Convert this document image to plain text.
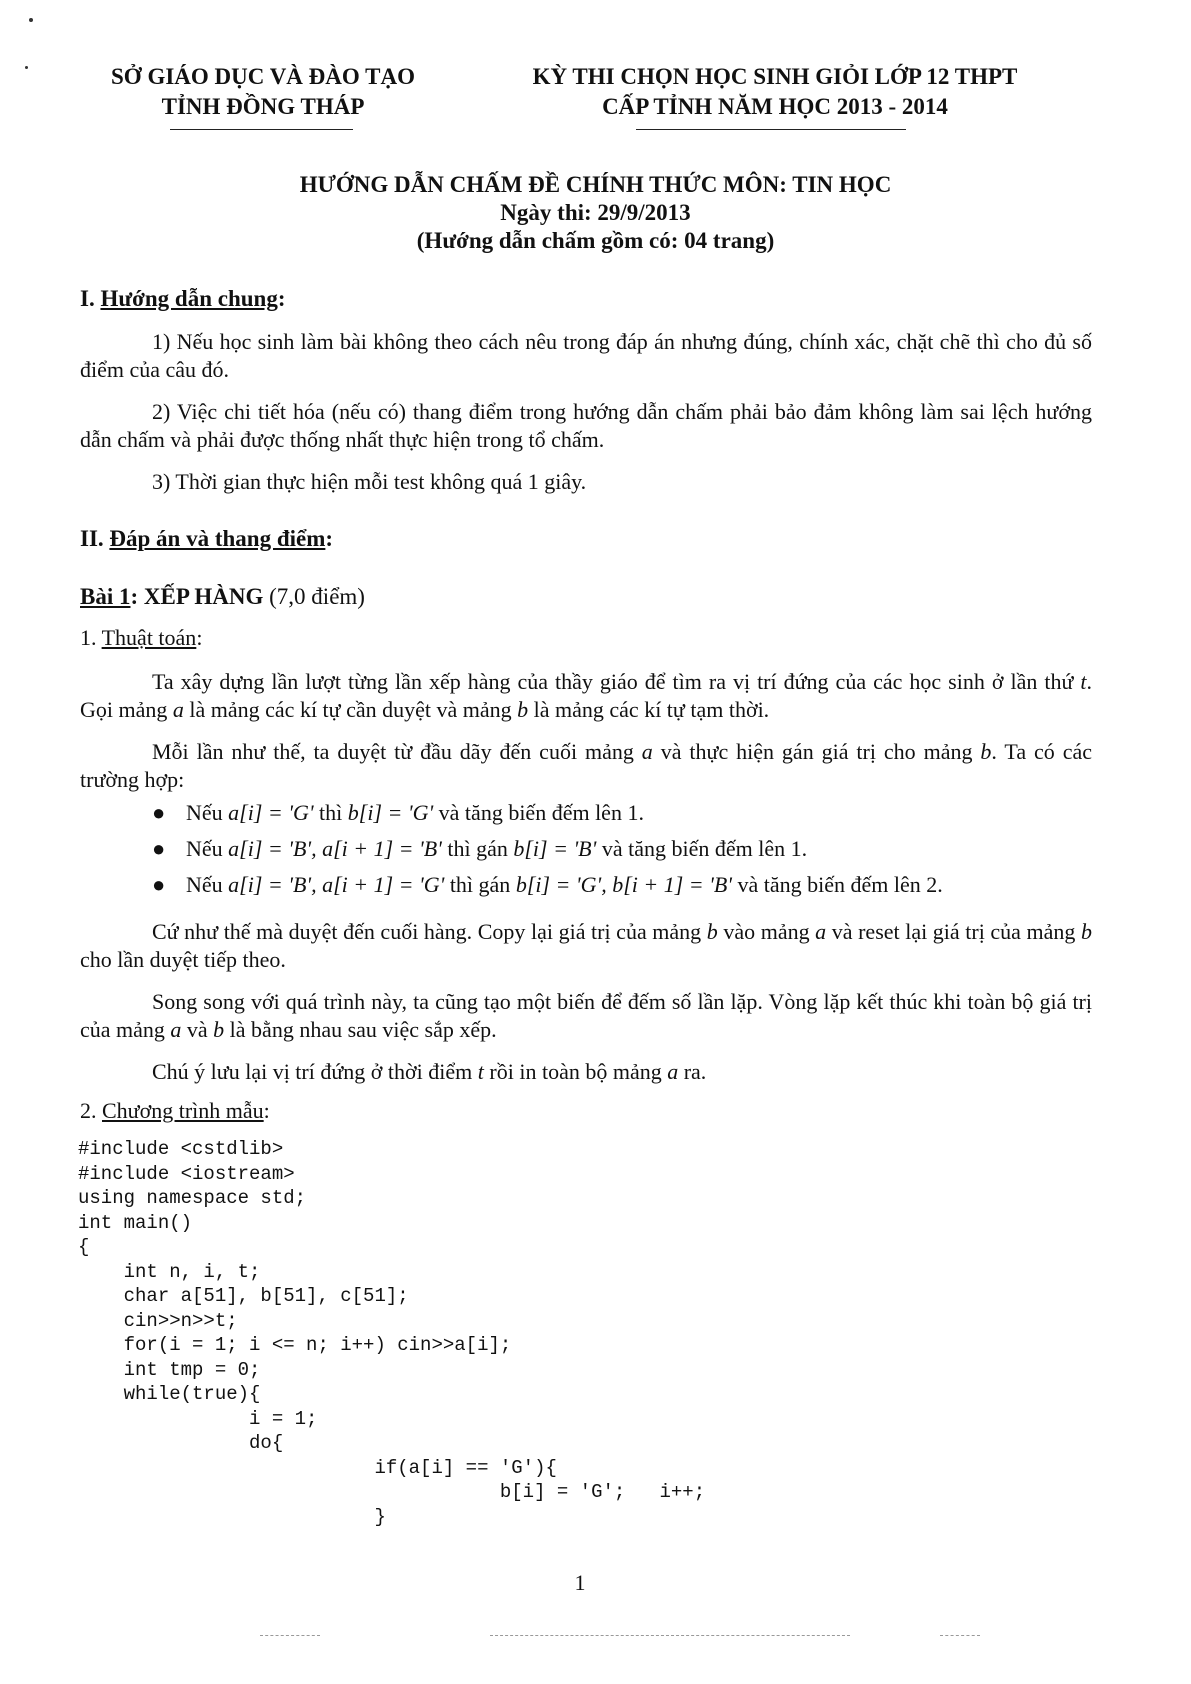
SỞ GIÁO DỤC VÀ ĐÀO TẠO
TỈNH ĐỒNG THÁP
KỲ THI CHỌN HỌC SINH GIỎI LỚP 12 THPT
CẤP TỈNH NĂM HỌC 2013 - 2014
HƯỚNG DẪN CHẤM ĐỀ CHÍNH THỨC MÔN: TIN HỌC
Ngày thi: 29/9/2013
(Hướng dẫn chấm gồm có: 04 trang)
I. Hướng dẫn chung:
1) Nếu học sinh làm bài không theo cách nêu trong đáp án nhưng đúng, chính xác, chặt chẽ thì cho đủ số điểm của câu đó.
2) Việc chi tiết hóa (nếu có) thang điểm trong hướng dẫn chấm phải bảo đảm không làm sai lệch hướng dẫn chấm và phải được thống nhất thực hiện trong tổ chấm.
3) Thời gian thực hiện mỗi test không quá 1 giây.
II. Đáp án và thang điểm:
Bài 1: XẾP HÀNG (7,0 điểm)
1. Thuật toán:
Ta xây dựng lần lượt từng lần xếp hàng của thầy giáo để tìm ra vị trí đứng của các học sinh ở lần thứ t. Gọi mảng a là mảng các kí tự cần duyệt và mảng b là mảng các kí tự tạm thời.
Mỗi lần như thế, ta duyệt từ đầu dãy đến cuối mảng a và thực hiện gán giá trị cho mảng b. Ta có các trường hợp:
● Nếu a[i] = 'G' thì b[i] = 'G' và tăng biến đếm lên 1.
● Nếu a[i] = 'B', a[i + 1] = 'B' thì gán b[i] = 'B' và tăng biến đếm lên 1.
● Nếu a[i] = 'B', a[i + 1] = 'G' thì gán b[i] = 'G', b[i + 1] = 'B' và tăng biến đếm lên 2.
Cứ như thế mà duyệt đến cuối hàng. Copy lại giá trị của mảng b vào mảng a và reset lại giá trị của mảng b cho lần duyệt tiếp theo.
Song song với quá trình này, ta cũng tạo một biến để đếm số lần lặp. Vòng lặp kết thúc khi toàn bộ giá trị của mảng a và b là bằng nhau sau việc sắp xếp.
Chú ý lưu lại vị trí đứng ở thời điểm t rồi in toàn bộ mảng a ra.
2. Chương trình mẫu:
#include <cstdlib>
#include <iostream>
using namespace std;
int main()
{
int n, i, t;
char a[51], b[51], c[51];
cin>>n>>t;
for(i = 1; i <= n; i++) cin>>a[i];
int tmp = 0;
while(true){
i = 1;
do{
if(a[i] == 'G'){
b[i] = 'G';   i++;
}
1
